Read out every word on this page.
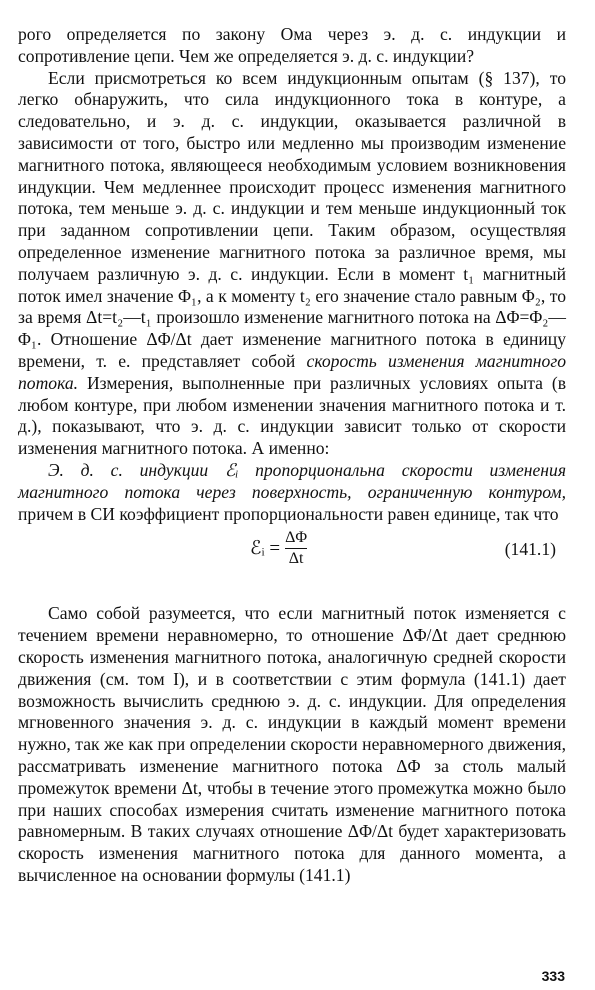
рого определяется по закону Ома через э. д. с. индукции и сопротивление цепи. Чем же определяется э. д. с. индукции?

Если присмотреться ко всем индукционным опытам (§ 137), то легко обнаружить, что сила индукционного тока в контуре, а следовательно, и э. д. с. индукции, оказывается различной в зависимости от того, быстро или медленно мы производим изменение магнитного потока, являющееся необходимым условием возникновения индукции. Чем медленнее происходит процесс изменения магнитного потока, тем меньше э. д. с. индукции и тем меньше индукционный ток при заданном сопротивлении цепи. Таким образом, осуществляя определенное изменение магнитного потока за различное время, мы получаем различную э. д. с. индукции. Если в момент t₁ магнитный поток имел значение Φ₁, а к моменту t₂ его значение стало равным Φ₂, то за время Δt=t₂—t₁ произошло изменение магнитного потока на ΔΦ=Φ₂—Φ₁. Отношение ΔΦ/Δt дает изменение магнитного потока в единицу времени, т. е. представляет собой скорость изменения магнитного потока. Измерения, выполненные при различных условиях опыта (в любом контуре, при любом изменении значения магнитного потока и т. д.), показывают, что э. д. с. индукции зависит только от скорости изменения магнитного потока. А именно:

Э. д. с. индукции ℰᵢ пропорциональна скорости изменения магнитного потока через поверхность, ограниченную контуром, причем в СИ коэффициент пропорциональности равен единице, так что

ℰᵢ = $\frac{\Delta\Phi}{\Delta t}$	(141.1)

Само собой разумеется, что если магнитный поток изменяется с течением времени неравномерно, то отношение ΔΦ/Δt дает среднюю скорость изменения магнитного потока, аналогичную средней скорости движения (см. том I), и в соответствии с этим формула (141.1) дает возможность вычислить среднюю э. д. с. индукции. Для определения мгновенного значения э. д. с. индукции в каждый момент времени нужно, так же как при определении скорости неравномерного движения, рассматривать изменение магнитного потока ΔΦ за столь малый промежуток времени Δt, чтобы в течение этого промежутка можно было при наших способах измерения считать изменение магнитного потока равномерным. В таких случаях отношение ΔΦ/Δt будет характеризовать скорость изменения магнитного потока для данного момента, а вычисленное на основании формулы (141.1)

333
